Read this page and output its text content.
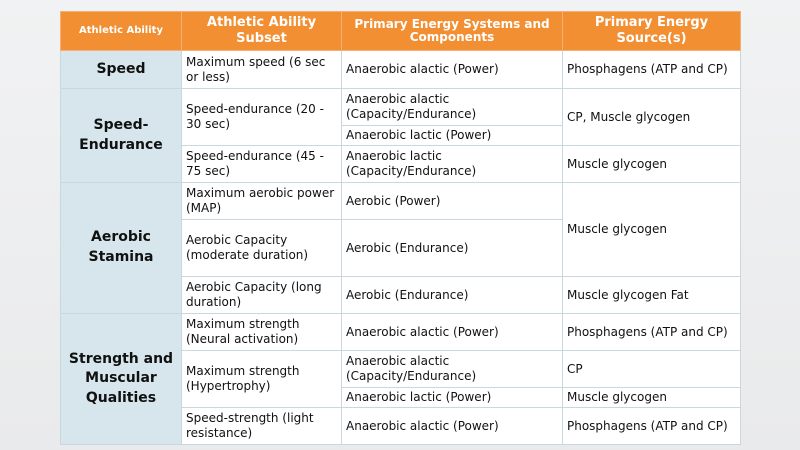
Athletic Ability	Athletic Ability Subset	Primary Energy Systems and Components	Primary Energy Source(s)
Speed	Maximum speed (6 sec or less)	Anaerobic alactic (Power)	Phosphagens (ATP and CP)
Speed-Endurance	Speed-endurance (20 - 30 sec)	Anaerobic alactic (Capacity/Endurance)	CP, Muscle glycogen
		Anaerobic lactic (Power)	
	Speed-endurance (45 - 75 sec)	Anaerobic lactic (Capacity/Endurance)	Muscle glycogen
Aerobic Stamina	Maximum aerobic power (MAP)	Aerobic (Power)	Muscle glycogen
	Aerobic Capacity (moderate duration)	Aerobic (Endurance)	
	Aerobic Capacity (long duration)	Aerobic (Endurance)	Muscle glycogen Fat
Strength and Muscular Qualities	Maximum strength (Neural activation)	Anaerobic alactic (Power)	Phosphagens (ATP and CP)
	Maximum strength (Hypertrophy)	Anaerobic alactic (Capacity/Endurance)	CP
		Anaerobic lactic (Power)	Muscle glycogen
	Speed-strength (light resistance)	Anaerobic alactic (Power)	Phosphagens (ATP and CP)
